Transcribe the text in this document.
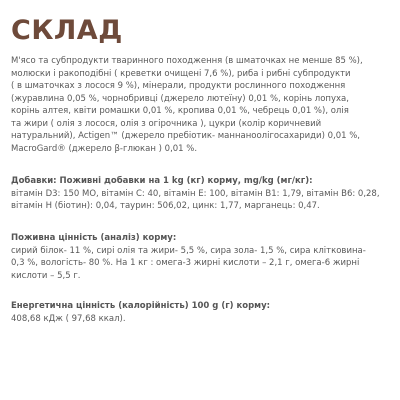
СКЛАД
М'ясо та субпродукти тваринного походження (в шматочках не менше 85 %),
молюски і ракоподібні ( креветки очищені 7,6 %), риба і рибні субпродукти
( в шматочках з лосося 9 %), мінерали, продукти рослинного походження
(журавлина 0,05 %, чорнобривці (джерело лютеїну) 0,01 %, корінь лопуха,
корінь алтея, квіти ромашки 0,01 %, кропива 0,01 %, чебрець 0,01 %), олія
та жири ( олія з лосося, олія з огірочника ), цукри (колір коричневий
натуральний), Actigen™ (джерело пребіотик- маннаноолігосахариди) 0,01 %,
MacroGard® (джерело β-глюкан ) 0,01 %.
Добавки: Поживні добавки на 1 kg (кг) корму, mg/kg (мг/кг):
вітамін D3: 150 МО, вітамін С: 40, вітамін Е: 100, вітамін В1: 1,79, вітамін В6: 0,28,
вітамін Н (біотин): 0,04, таурин: 506,02, цинк: 1,77, марганець: 0,47.
Поживна цінність (аналіз) корму:
сирий білок- 11 %, сирі олія та жири- 5,5 %, сира зола- 1,5 %, сира клітковина-
0,3 %, вологість- 80 %. На 1 кг : омега-3 жирні кислоти – 2,1 г, омега-6 жирні
кислоти – 5,5 г.
Енергетична цінність (калорійність) 100 g (г) корму:
408,68 кДж ( 97,68 ккал).
